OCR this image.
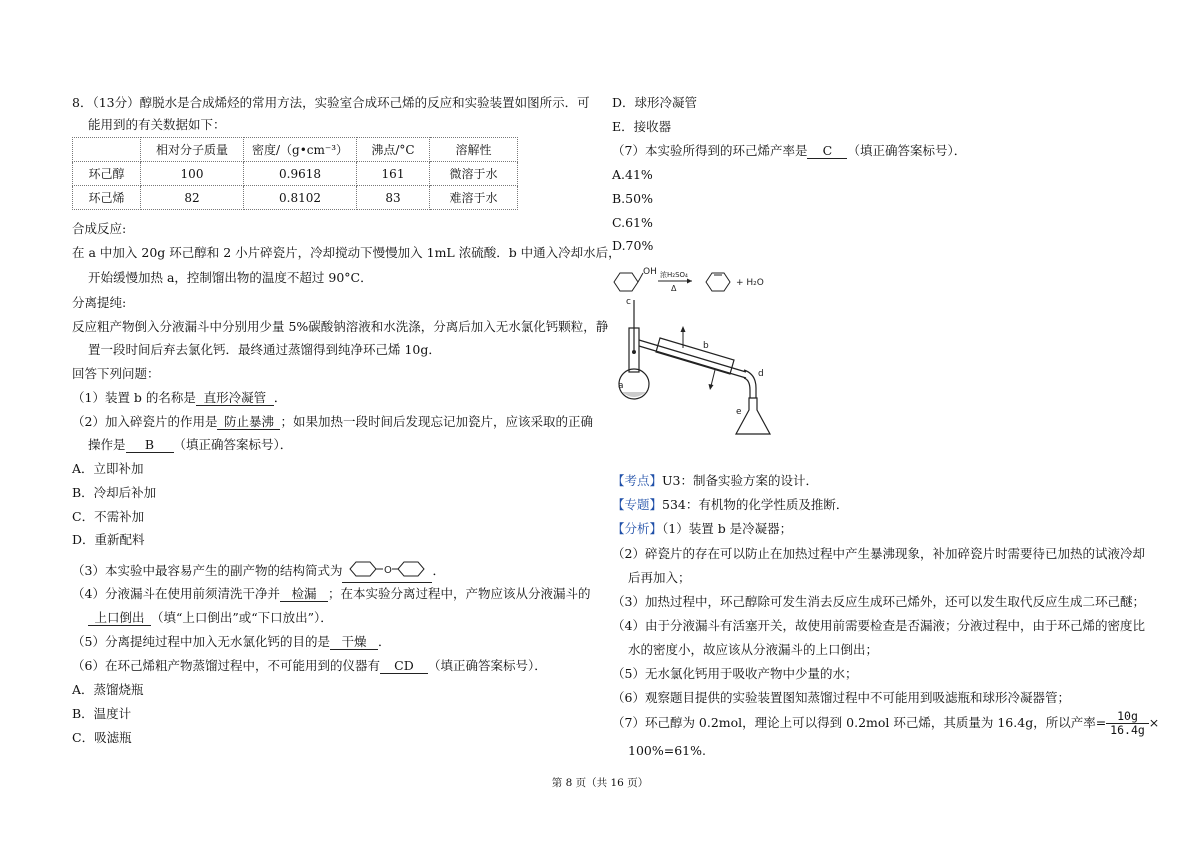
8．（13分）醇脱水是合成烯烃的常用方法，实验室合成环己烯的反应和实验装置如图所示．可
能用到的有关数据如下：
	相对分子质量	密度/（g•cm⁻³）	沸点/°C	溶解性
环己醇	100	0.9618	161	微溶于水
环己烯	82	0.8102	83	难溶于水
合成反应:
在 a 中加入 20g 环己醇和 2 小片碎瓷片，冷却搅动下慢慢加入 1mL 浓硫酸．b 中通入冷却水后，
开始缓慢加热 a，控制馏出物的温度不超过 90°C．
分离提纯:
反应粗产物倒入分液漏斗中分别用少量 5%碳酸钠溶液和水洗涤，分离后加入无水氯化钙颗粒，静
置一段时间后弃去氯化钙．最终通过蒸馏得到纯净环己烯 10g．
回答下列问题：
（1）装置 b 的名称是 直形冷凝管 ．
（2）加入碎瓷片的作用是 防止暴沸 ；如果加热一段时间后发现忘记加瓷片，应该采取的正确
操作是 B （填正确答案标号）．
A．立即补加
B．冷却后补加
C．不需补加
D．重新配料
（3）本实验中最容易产生的副产物的结构简式为	O	．
（4）分液漏斗在使用前须清洗干净并 检漏 ；在本实验分离过程中，产物应该从分液漏斗的
上口倒出 （填“上口倒出”或“下口放出”）．
（5）分离提纯过程中加入无水氯化钙的目的是 干燥 ．
（6）在环己烯粗产物蒸馏过程中，不可能用到的仪器有 CD （填正确答案标号）．
A．蒸馏烧瓶
B．温度计
C．吸滤瓶
D．球形冷凝管
E．接收器
（7）本实验所得到的环己烯产率是 C （填正确答案标号）．
A.41%
B.50%
C.61%
D.70%
OH 浓H₂SO₄
Δ
+ H₂O
a
c
b
d
e
【考点】U3：制备实验方案的设计．
【专题】534：有机物的化学性质及推断．
【分析】（1）装置 b 是冷凝器；
（2）碎瓷片的存在可以防止在加热过程中产生暴沸现象，补加碎瓷片时需要待已加热的试液冷却
后再加入；
（3）加热过程中，环己醇除可发生消去反应生成环己烯外，还可以发生取代反应生成二环己醚；
（4）由于分液漏斗有活塞开关，故使用前需要检查是否漏液；分液过程中，由于环己烯的密度比
水的密度小，故应该从分液漏斗的上口倒出；
（5）无水氯化钙用于吸收产物中少量的水；
（6）观察题目提供的实验装置图知蒸馏过程中不可能用到吸滤瓶和球形冷凝器管；
（7）环己醇为 0.2mol，理论上可以得到 0.2mol 环己烯，其质量为 16.4g，所以产率= $\frac{10g}{16.4g}$ ×
100%=61%.
第 8 页（共 16 页）
